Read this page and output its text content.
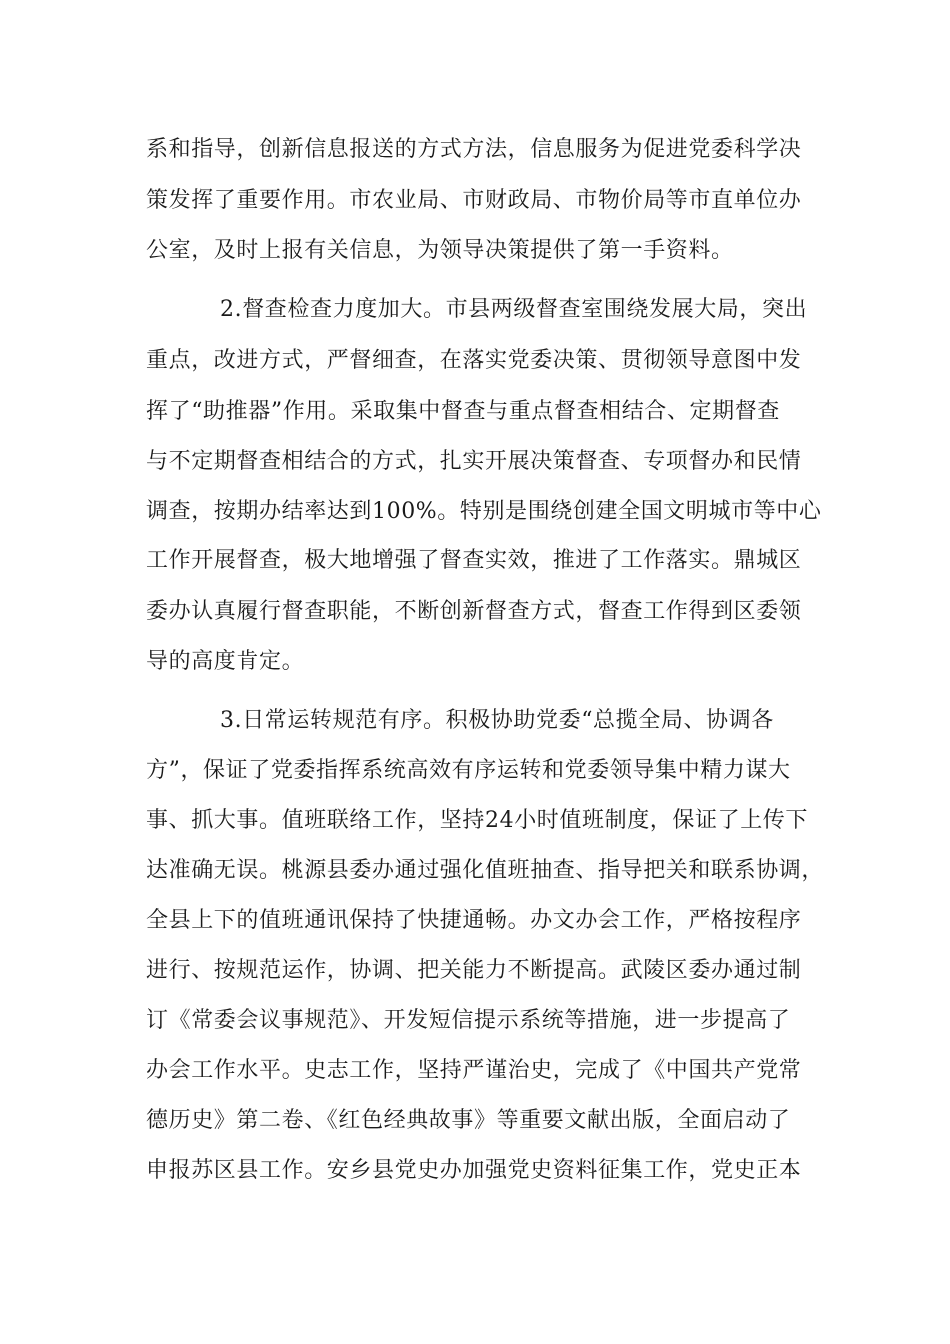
系和指导，创新信息报送的方式方法，信息服务为促进党委科学决

策发挥了重要作用。市农业局、市财政局、市物价局等市直单位办

公室，及时上报有关信息，为领导决策提供了第一手资料。

2.督查检查力度加大。市县两级督查室围绕发展大局，突出

重点，改进方式，严督细查，在落实党委决策、贯彻领导意图中发

挥了“助推器”作用。采取集中督查与重点督查相结合、定期督查

与不定期督查相结合的方式，扎实开展决策督查、专项督办和民情

调查，按期办结率达到100%。特别是围绕创建全国文明城市等中心

工作开展督查，极大地增强了督查实效，推进了工作落实。鼎城区

委办认真履行督查职能，不断创新督查方式，督查工作得到区委领

导的高度肯定。

3.日常运转规范有序。积极协助党委“总揽全局、协调各

方”，保证了党委指挥系统高效有序运转和党委领导集中精力谋大

事、抓大事。值班联络工作，坚持24小时值班制度，保证了上传下

达准确无误。桃源县委办通过强化值班抽查、指导把关和联系协调，

全县上下的值班通讯保持了快捷通畅。办文办会工作，严格按程序

进行、按规范运作，协调、把关能力不断提高。武陵区委办通过制

订《常委会议事规范》、开发短信提示系统等措施，进一步提高了

办会工作水平。史志工作，坚持严谨治史，完成了《中国共产党常

德历史》第二卷、《红色经典故事》等重要文献出版，全面启动了

申报苏区县工作。安乡县党史办加强党史资料征集工作，党史正本
